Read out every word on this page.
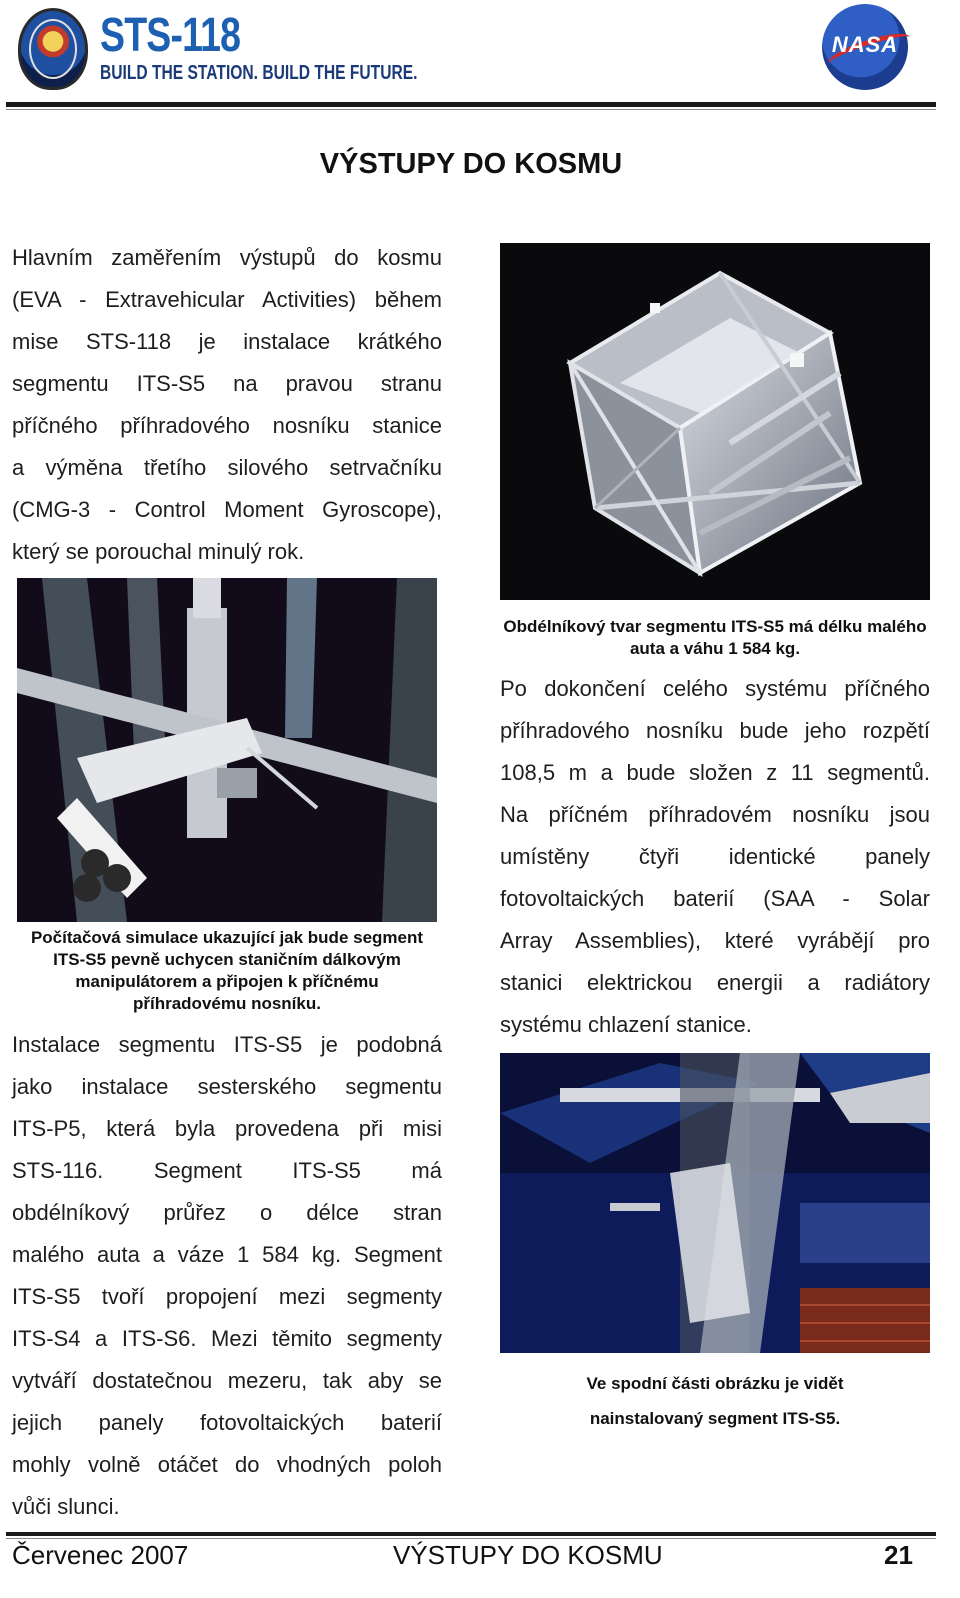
STS-118
BUILD THE STATION. BUILD THE FUTURE.
NASA
VÝSTUPY DO KOSMU
Hlavním zaměřením výstupů do kosmu
(EVA - Extravehicular Activities) během
mise STS-118 je instalace krátkého
segmentu ITS-S5 na pravou stranu
příčného příhradového nosníku stanice
a výměna třetího silového setrvačníku
(CMG-3 - Control Moment Gyroscope),
který se porouchal minulý rok.
Obdélníkový tvar segmentu ITS-S5 má délku malého auta a váhu 1 584 kg.
Počítačová simulace ukazující jak bude segment ITS-S5 pevně uchycen staničním dálkovým manipulátorem a připojen k příčnému příhradovému nosníku.
Po dokončení celého systému příčného
příhradového nosníku bude jeho rozpětí
108,5 m a bude složen z 11 segmentů.
Na příčném příhradovém nosníku jsou
umístěny čtyři identické panely
fotovoltaických baterií (SAA - Solar
Array Assemblies), které vyrábějí pro
stanici elektrickou energii a radiátory
systému chlazení stanice.
Instalace segmentu ITS-S5 je podobná
jako instalace sesterského segmentu
ITS-P5, která byla provedena při misi
STS-116. Segment ITS-S5 má
obdélníkový průřez o délce stran
malého auta a váze 1 584 kg. Segment
ITS-S5 tvoří propojení mezi segmenty
ITS-S4 a ITS-S6. Mezi těmito segmenty
vytváří dostatečnou mezeru, tak aby se
jejich panely fotovoltaických baterií
mohly volně otáčet do vhodných poloh
vůči slunci.
Ve spodní části obrázku je vidět
nainstalovaný segment ITS-S5.
Červenec 2007	VÝSTUPY DO KOSMU	21
